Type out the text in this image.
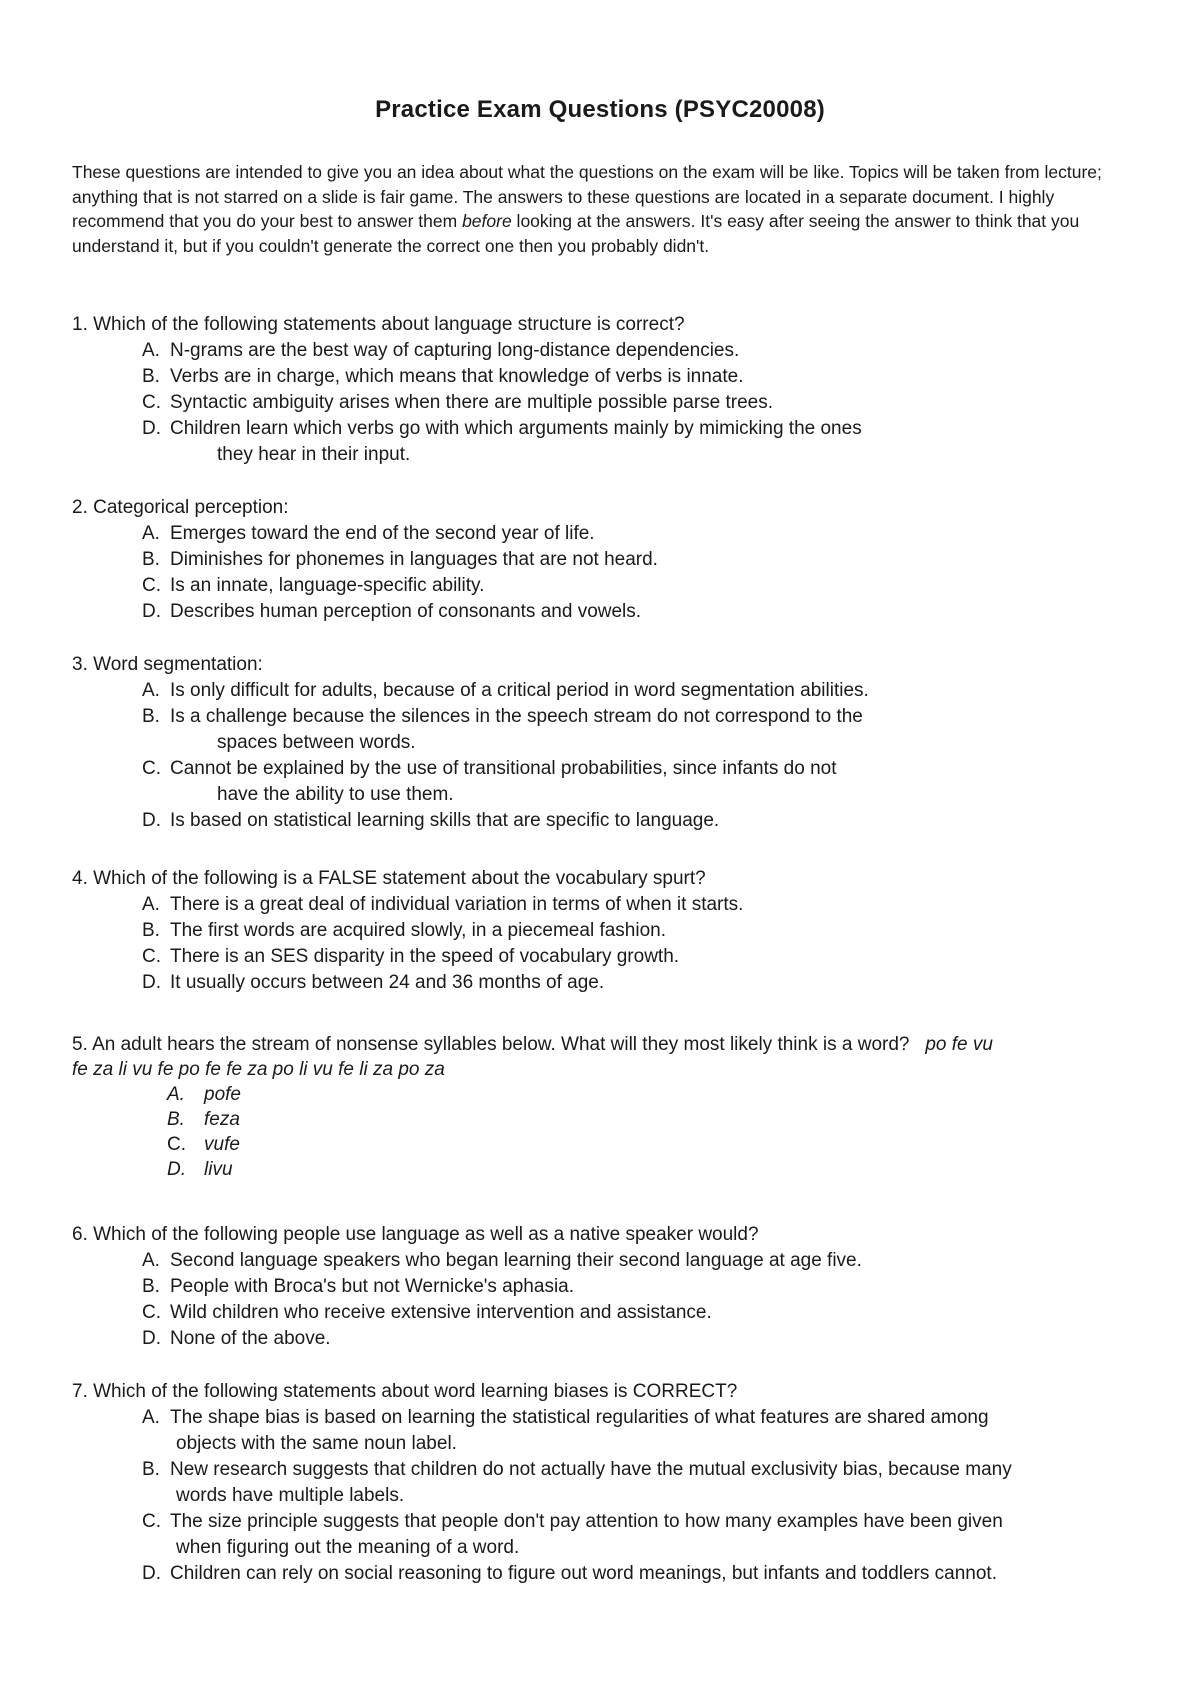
Practice Exam Questions (PSYC20008)

These questions are intended to give you an idea about what the questions on the exam will be like. Topics will be taken from lecture; anything that is not starred on a slide is fair game. The answers to these questions are located in a separate document. I highly recommend that you do your best to answer them before looking at the answers. It's easy after seeing the answer to think that you understand it, but if you couldn't generate the correct one then you probably didn't.

1. Which of the following statements about language structure is correct?

A. N-grams are the best way of capturing long-distance dependencies.

B. Verbs are in charge, which means that knowledge of verbs is innate.

C. Syntactic ambiguity arises when there are multiple possible parse trees.

D. Children learn which verbs go with which arguments mainly by mimicking the ones
they hear in their input.

2. Categorical perception:

A. Emerges toward the end of the second year of life.

B. Diminishes for phonemes in languages that are not heard.

C. Is an innate, language-specific ability.

D. Describes human perception of consonants and vowels.

3. Word segmentation:

A. Is only difficult for adults, because of a critical period in word segmentation abilities.

B. Is a challenge because the silences in the speech stream do not correspond to the
spaces between words.

C. Cannot be explained by the use of transitional probabilities, since infants do not
have the ability to use them.

D. Is based on statistical learning skills that are specific to language.

4. Which of the following is a FALSE statement about the vocabulary spurt?

A. There is a great deal of individual variation in terms of when it starts.

B. The first words are acquired slowly, in a piecemeal fashion.

C. There is an SES disparity in the speed of vocabulary growth.

D. It usually occurs between 24 and 36 months of age.

5. An adult hears the stream of nonsense syllables below. What will they most likely think is a word? po fe vu
fe za li vu fe po fe fe za po li vu fe li za po za

A. pofe

B. feza

C. vufe

D. livu

6. Which of the following people use language as well as a native speaker would?

A. Second language speakers who began learning their second language at age five.

B. People with Broca's but not Wernicke's aphasia.

C. Wild children who receive extensive intervention and assistance.

D. None of the above.

7. Which of the following statements about word learning biases is CORRECT?

A. The shape bias is based on learning the statistical regularities of what features are shared among
objects with the same noun label.

B. New research suggests that children do not actually have the mutual exclusivity bias, because many
words have multiple labels.

C. The size principle suggests that people don't pay attention to how many examples have been given
when figuring out the meaning of a word.

D. Children can rely on social reasoning to figure out word meanings, but infants and toddlers cannot.
